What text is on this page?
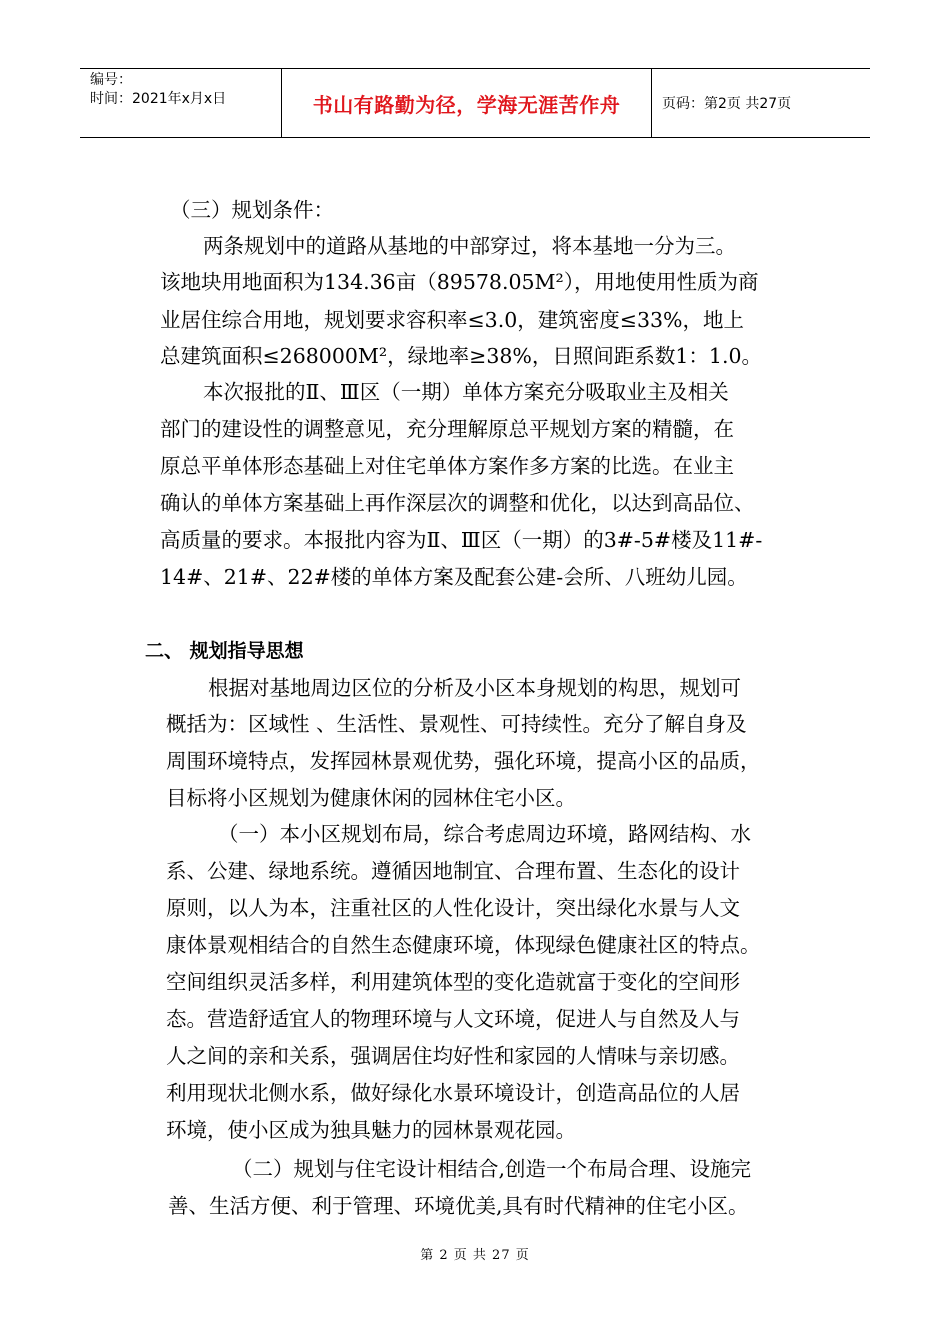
编号：
时间：2021年x月x日	书山有路勤为径，学海无涯苦作舟	页码：第2页 共27页
（三）规划条件：
两条规划中的道路从基地的中部穿过，将本基地一分为三。
该地块用地面积为134.36亩（89578.05M²），用地使用性质为商
业居住综合用地，规划要求容积率≤3.0，建筑密度≤33%，地上
总建筑面积≤268000M²，绿地率≥38%，日照间距系数1：1.0。
本次报批的Ⅱ、Ⅲ区（一期）单体方案充分吸取业主及相关
部门的建设性的调整意见，充分理解原总平规划方案的精髓，在
原总平单体形态基础上对住宅单体方案作多方案的比选。在业主
确认的单体方案基础上再作深层次的调整和优化，以达到高品位、
高质量的要求。本报批内容为Ⅱ、Ⅲ区（一期）的3#-5#楼及11#-
14#、21#、22#楼的单体方案及配套公建-会所、八班幼儿园。
二、 规划指导思想
根据对基地周边区位的分析及小区本身规划的构思，规划可
概括为：区域性 、生活性、景观性、可持续性。充分了解自身及
周围环境特点，发挥园林景观优势，强化环境，提高小区的品质，
目标将小区规划为健康休闲的园林住宅小区。
（一）本小区规划布局，综合考虑周边环境，路网结构、水
系、公建、绿地系统。遵循因地制宜、合理布置、生态化的设计
原则，以人为本，注重社区的人性化设计，突出绿化水景与人文
康体景观相结合的自然生态健康环境，体现绿色健康社区的特点。
空间组织灵活多样，利用建筑体型的变化造就富于变化的空间形
态。营造舒适宜人的物理环境与人文环境，促进人与自然及人与
人之间的亲和关系，强调居住均好性和家园的人情味与亲切感。
利用现状北侧水系，做好绿化水景环境设计，创造高品位的人居
环境，使小区成为独具魅力的园林景观花园。
（二）规划与住宅设计相结合,创造一个布局合理、设施完
善、生活方便、利于管理、环境优美,具有时代精神的住宅小区。
第 2 页 共 27 页
